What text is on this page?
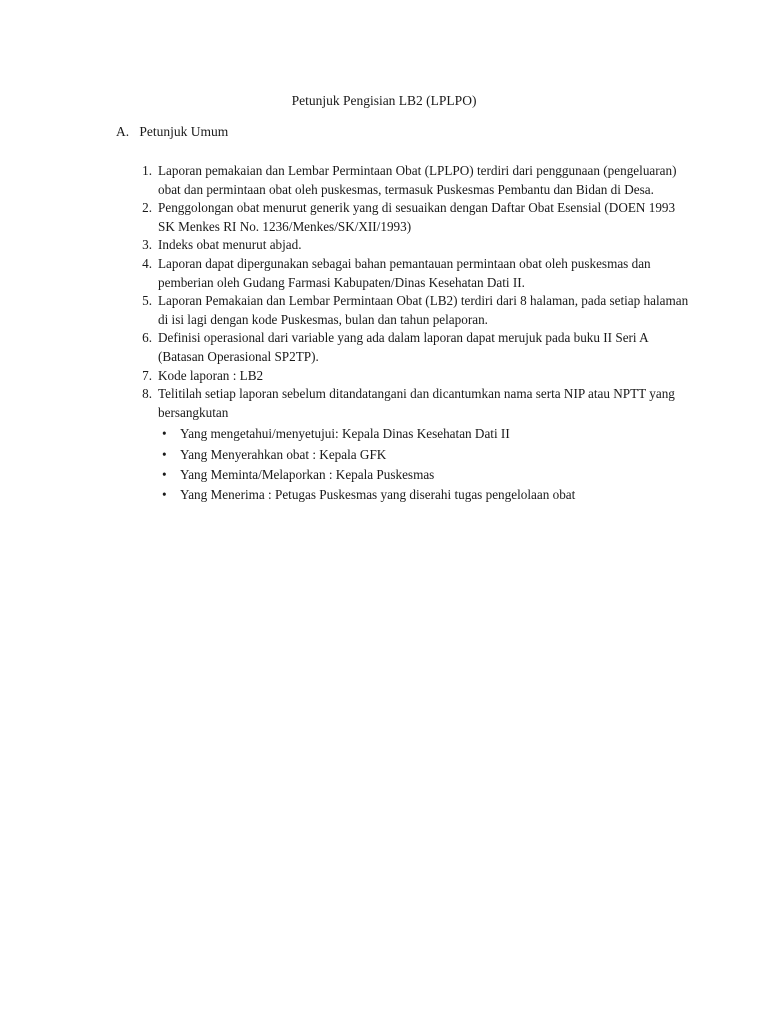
Petunjuk Pengisian LB2 (LPLPO)
A. Petunjuk Umum
1. Laporan pemakaian dan Lembar Permintaan Obat (LPLPO) terdiri dari penggunaan (pengeluaran) obat dan permintaan obat oleh puskesmas, termasuk Puskesmas Pembantu dan Bidan di Desa.
2. Penggolongan obat menurut generik yang di sesuaikan dengan Daftar Obat Esensial (DOEN 1993 SK Menkes RI No. 1236/Menkes/SK/XII/1993)
3. Indeks obat menurut abjad.
4. Laporan dapat dipergunakan sebagai bahan pemantauan permintaan obat oleh puskesmas dan pemberian oleh Gudang Farmasi Kabupaten/Dinas Kesehatan Dati II.
5. Laporan Pemakaian dan Lembar Permintaan Obat (LB2) terdiri dari 8 halaman, pada setiap halaman di isi lagi dengan kode Puskesmas, bulan dan tahun pelaporan.
6. Definisi operasional dari variable yang ada dalam laporan dapat merujuk pada buku II Seri A (Batasan Operasional SP2TP).
7. Kode laporan : LB2
8. Telitilah setiap laporan sebelum ditandatangani dan dicantumkan nama serta NIP atau NPTT yang bersangkutan
• Yang mengetahui/menyetujui: Kepala Dinas Kesehatan Dati II
• Yang Menyerahkan obat : Kepala GFK
• Yang Meminta/Melaporkan : Kepala Puskesmas
• Yang Menerima : Petugas Puskesmas yang diserahi tugas pengelolaan obat
